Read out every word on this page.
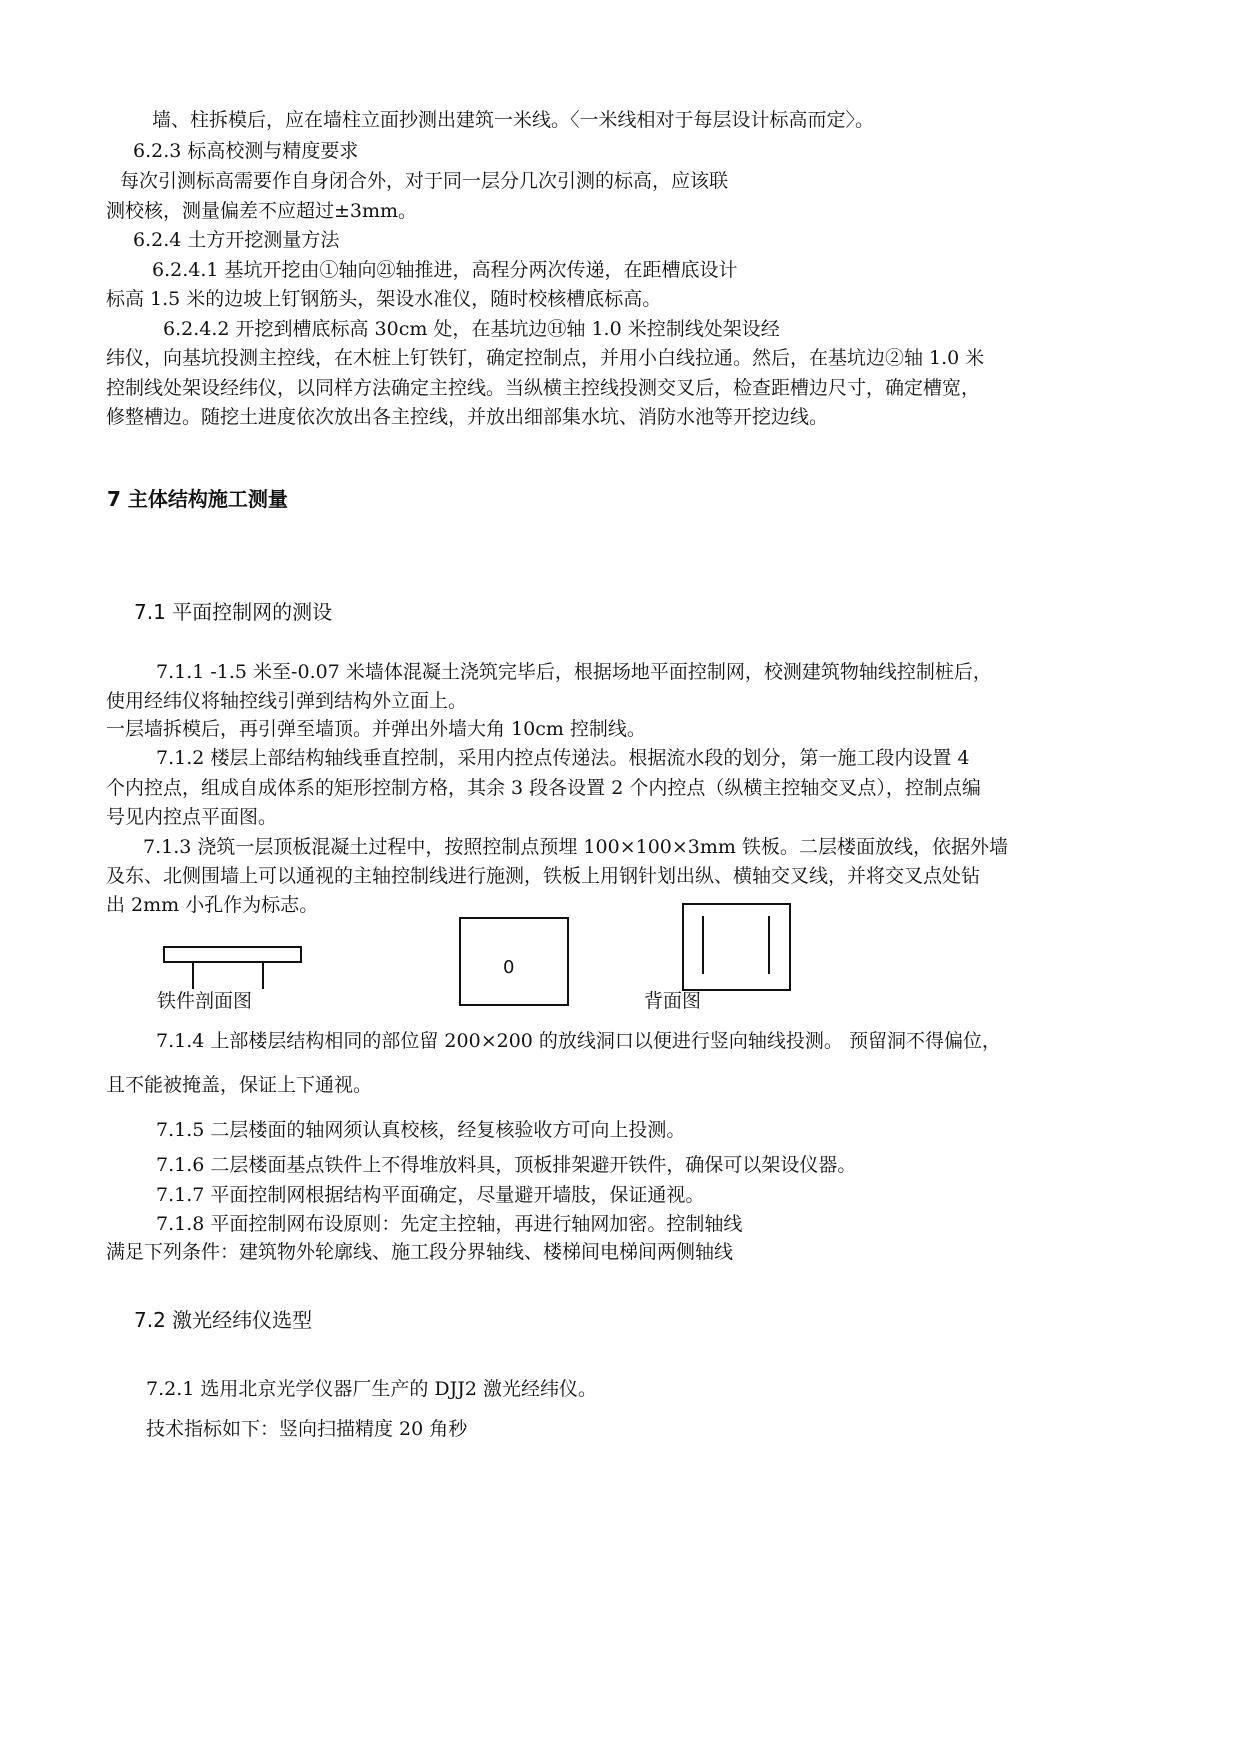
墙、柱拆模后，应在墙柱立面抄测出建筑一米线。〈一米线相对于每层设计标高而定〉。
6.2.3 标高校测与精度要求
每次引测标高需要作自身闭合外，对于同一层分几次引测的标高，应该联
测校核，测量偏差不应超过±3mm。
6.2.4 土方开挖测量方法
6.2.4.1 基坑开挖由①轴向㉑轴推进，高程分两次传递，在距槽底设计
标高 1.5 米的边坡上钉钢筋头，架设水准仪，随时校核槽底标高。
6.2.4.2 开挖到槽底标高 30cm 处，在基坑边Ⓗ轴 1.0 米控制线处架设经
纬仪，向基坑投测主控线，在木桩上钉铁钉，确定控制点，并用小白线拉通。然后，在基坑边②轴 1.0 米
控制线处架设经纬仪，以同样方法确定主控线。当纵横主控线投测交叉后，检查距槽边尺寸，确定槽宽，
修整槽边。随挖土进度依次放出各主控线，并放出细部集水坑、消防水池等开挖边线。
7 主体结构施工测量
7.1 平面控制网的测设
7.1.1 -1.5 米至-0.07 米墙体混凝土浇筑完毕后，根据场地平面控制网，校测建筑物轴线控制桩后，
使用经纬仪将轴控线引弹到结构外立面上。
一层墙拆模后，再引弹至墙顶。并弹出外墙大角 10cm 控制线。
7.1.2 楼层上部结构轴线垂直控制，采用内控点传递法。根据流水段的划分，第一施工段内设置 4
个内控点，组成自成体系的矩形控制方格，其余 3 段各设置 2 个内控点（纵横主控轴交叉点），控制点编
号见内控点平面图。
7.1.3 浇筑一层顶板混凝土过程中，按照控制点预埋 100×100×3mm 铁板。二层楼面放线，依据外墙
及东、北侧围墙上可以通视的主轴控制线进行施测，铁板上用钢针划出纵、横轴交叉线，并将交叉点处钻
出 2mm 小孔作为标志。
铁件剖面图
0
背面图
7.1.4 上部楼层结构相同的部位留 200×200 的放线洞口以便进行竖向轴线投测。 预留洞不得偏位，
且不能被掩盖，保证上下通视。
7.1.5 二层楼面的轴网须认真校核，经复核验收方可向上投测。
7.1.6 二层楼面基点铁件上不得堆放料具，顶板排架避开铁件，确保可以架设仪器。
7.1.7 平面控制网根据结构平面确定，尽量避开墙肢，保证通视。
7.1.8 平面控制网布设原则：先定主控轴，再进行轴网加密。控制轴线
满足下列条件：建筑物外轮廓线、施工段分界轴线、楼梯间电梯间两侧轴线
7.2 激光经纬仪选型
7.2.1 选用北京光学仪器厂生产的 DJJ2 激光经纬仪。
技术指标如下：竖向扫描精度 20 角秒
